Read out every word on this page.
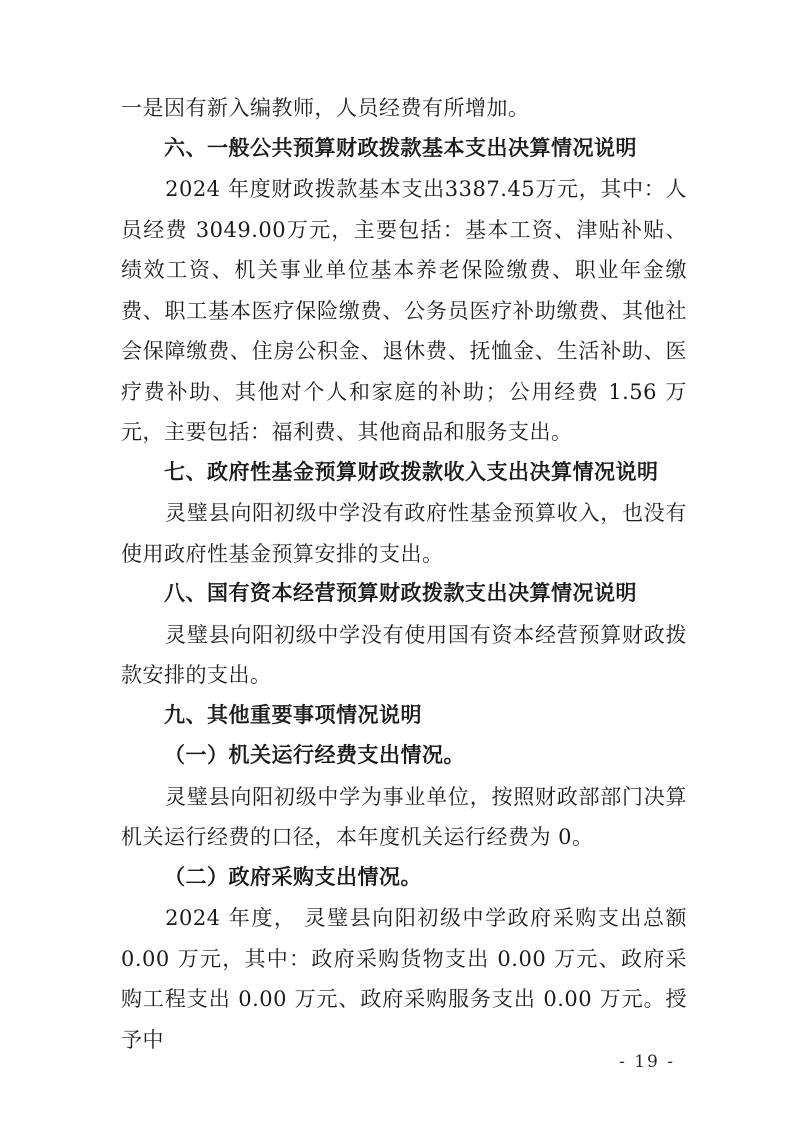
一是因有新入编教师，人员经费有所增加。

六、一般公共预算财政拨款基本支出决算情况说明

2024 年度财政拨款基本支出3387.45万元，其中：人员经费 3049.00万元，主要包括：基本工资、津贴补贴、绩效工资、机关事业单位基本养老保险缴费、职业年金缴费、职工基本医疗保险缴费、公务员医疗补助缴费、其他社会保障缴费、住房公积金、退休费、抚恤金、生活补助、医疗费补助、其他对个人和家庭的补助；公用经费 1.56 万元，主要包括：福利费、其他商品和服务支出。

七、政府性基金预算财政拨款收入支出决算情况说明

灵璧县向阳初级中学没有政府性基金预算收入，也没有使用政府性基金预算安排的支出。

八、国有资本经营预算财政拨款支出决算情况说明

灵璧县向阳初级中学没有使用国有资本经营预算财政拨款安排的支出。

九、其他重要事项情况说明

（一）机关运行经费支出情况。

灵璧县向阳初级中学为事业单位，按照财政部部门决算机关运行经费的口径，本年度机关运行经费为 0。

（二）政府采购支出情况。

2024 年度， 灵璧县向阳初级中学政府采购支出总额 0.00 万元，其中：政府采购货物支出 0.00 万元、政府采购工程支出 0.00 万元、政府采购服务支出 0.00 万元。授予中

- 19 -
